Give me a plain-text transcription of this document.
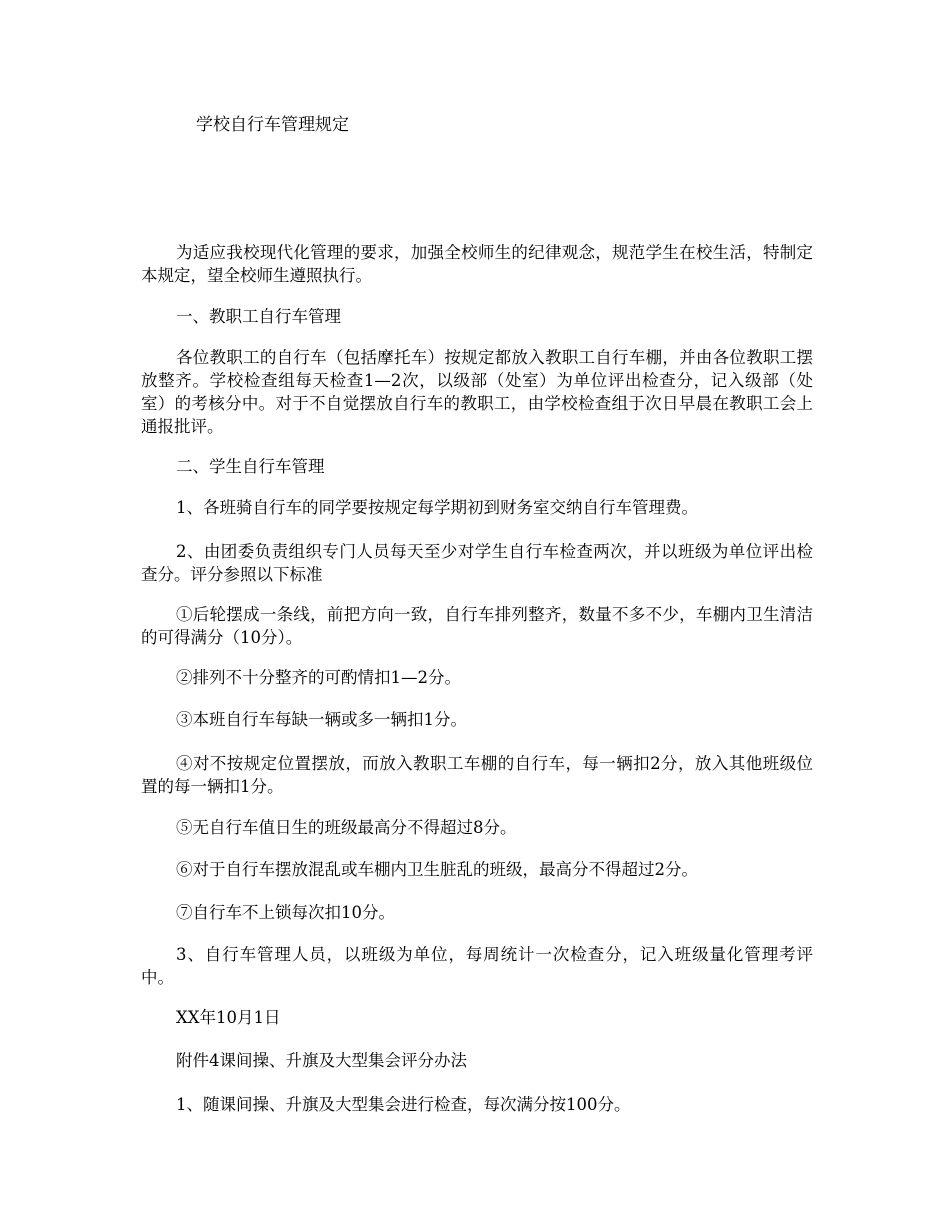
学校自行车管理规定

为适应我校现代化管理的要求，加强全校师生的纪律观念，规范学生在校生活，特制定本规定，望全校师生遵照执行。

一、教职工自行车管理

各位教职工的自行车（包括摩托车）按规定都放入教职工自行车棚，并由各位教职工摆放整齐。学校检查组每天检查1—2次，以级部（处室）为单位评出检查分，记入级部（处室）的考核分中。对于不自觉摆放自行车的教职工，由学校检查组于次日早晨在教职工会上通报批评。

二、学生自行车管理

1、各班骑自行车的同学要按规定每学期初到财务室交纳自行车管理费。

2、由团委负责组织专门人员每天至少对学生自行车检查两次，并以班级为单位评出检查分。评分参照以下标准

①后轮摆成一条线，前把方向一致，自行车排列整齐，数量不多不少，车棚内卫生清洁的可得满分（10分）。

②排列不十分整齐的可酌情扣1—2分。

③本班自行车每缺一辆或多一辆扣1分。

④对不按规定位置摆放，而放入教职工车棚的自行车，每一辆扣2分，放入其他班级位置的每一辆扣1分。

⑤无自行车值日生的班级最高分不得超过8分。

⑥对于自行车摆放混乱或车棚内卫生脏乱的班级，最高分不得超过2分。

⑦自行车不上锁每次扣10分。

3、自行车管理人员，以班级为单位，每周统计一次检查分，记入班级量化管理考评中。

XX年10月1日

附件4课间操、升旗及大型集会评分办法

1、随课间操、升旗及大型集会进行检查，每次满分按100分。
